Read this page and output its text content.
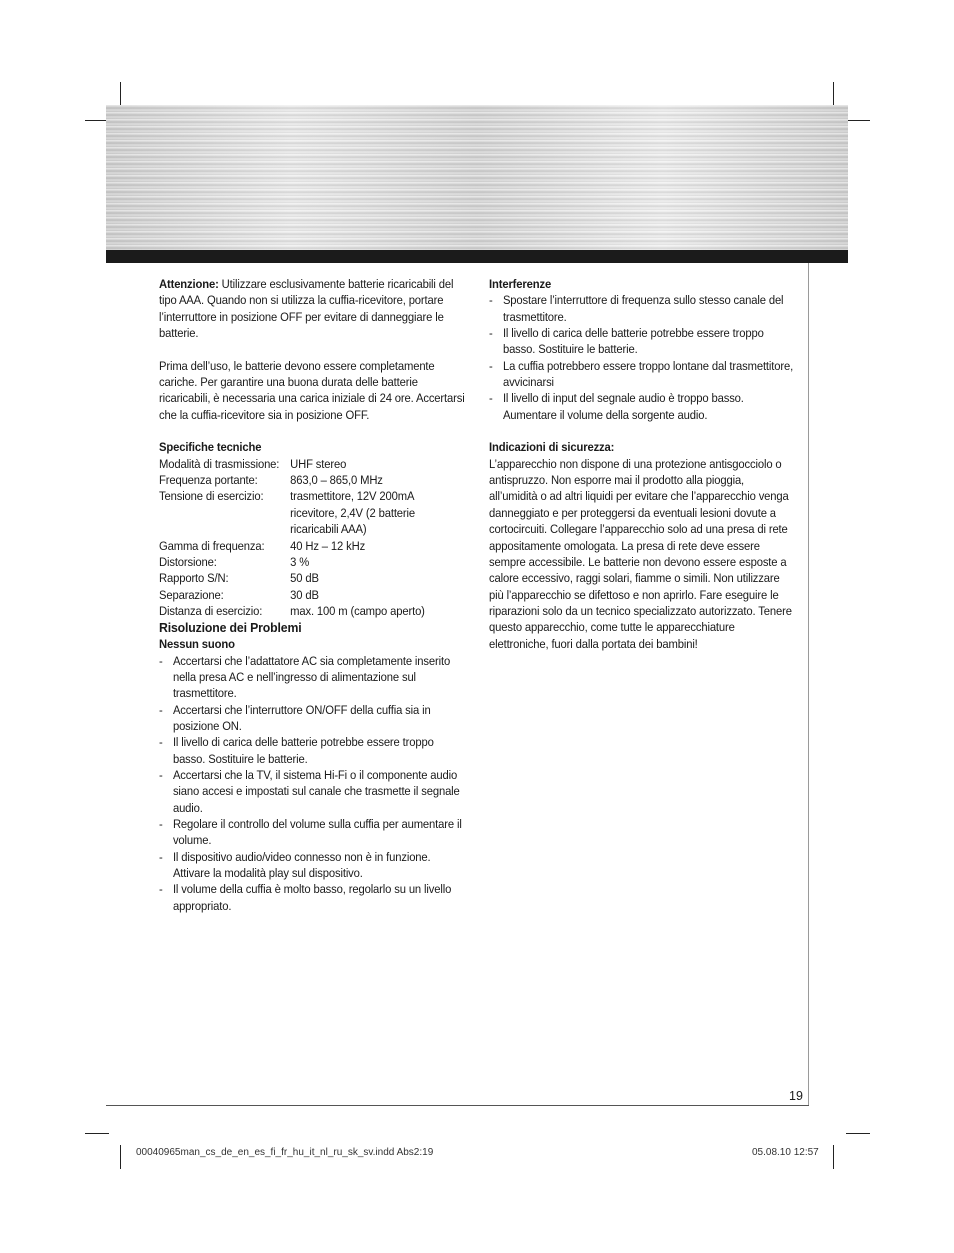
Attenzione: Utilizzare esclusivamente batterie ricaricabili del tipo AAA. Quando non si utilizza la cuffia-ricevitore, portare l’interruttore in posizione OFF per evitare di danneggiare le batterie.

Prima dell’uso, le batterie devono essere completamente cariche. Per garantire una buona durata delle batterie ricaricabili, è necessaria una carica iniziale di 24 ore. Accertarsi che la cuffia-ricevitore sia in posizione OFF.

Specifiche tecniche

Modalità di trasmissione:	UHF stereo
Frequenza portante:	863,0 – 865,0 MHz
Tensione di esercizio:	trasmettitore, 12V 200mA ricevitore, 2,4V (2 batterie ricaricabili AAA)
Gamma di frequenza:	40 Hz – 12 kHz
Distorsione:	3 %
Rapporto S/N:	50 dB
Separazione:	30 dB
Distanza di esercizio:	max. 100 m (campo aperto)

Risoluzione dei Problemi

Nessun suono

- Accertarsi che l’adattatore AC sia completamente inserito nella presa AC e nell’ingresso di alimentazione sul trasmettitore.
- Accertarsi che l’interruttore ON/OFF della cuffia sia in posizione ON.
- Il livello di carica delle batterie potrebbe essere troppo basso. Sostituire le batterie.
- Accertarsi che la TV, il sistema Hi-Fi o il componente audio siano accesi e impostati sul canale che trasmette il segnale audio.
- Regolare il controllo del volume sulla cuffia per aumentare il volume.
- Il dispositivo audio/video connesso non è in funzione. Attivare la modalità play sul dispositivo.
- Il volume della cuffia è molto basso, regolarlo su un livello appropriato.

Interferenze

- Spostare l’interruttore di frequenza sullo stesso canale del trasmettitore.
- Il livello di carica delle batterie potrebbe essere troppo basso. Sostituire le batterie.
- La cuffia potrebbero essere troppo lontane dal trasmettitore, avvicinarsi
- Il livello di input del segnale audio è troppo basso. Aumentare il volume della sorgente audio.

Indicazioni di sicurezza:

L’apparecchio non dispone di una protezione antisgocciolo o antispruzzo. Non esporre mai il prodotto alla pioggia, all’umidità o ad altri liquidi per evitare che l’apparecchio venga danneggiato e per proteggersi da eventuali lesioni dovute a cortocircuiti. Collegare l’apparecchio solo ad una presa di rete appositamente omologata. La presa di rete deve essere sempre accessibile. Le batterie non devono essere esposte a calore eccessivo, raggi solari, fiamme o simili. Non utilizzare più l’apparecchio se difettoso e non aprirlo. Fare eseguire le riparazioni solo da un tecnico specializzato autorizzato. Tenere questo apparecchio, come tutte le apparecchiature elettroniche, fuori dalla portata dei bambini!

19
00040965man_cs_de_en_es_fi_fr_hu_it_nl_ru_sk_sv.indd Abs2:19	05.08.10 12:57
